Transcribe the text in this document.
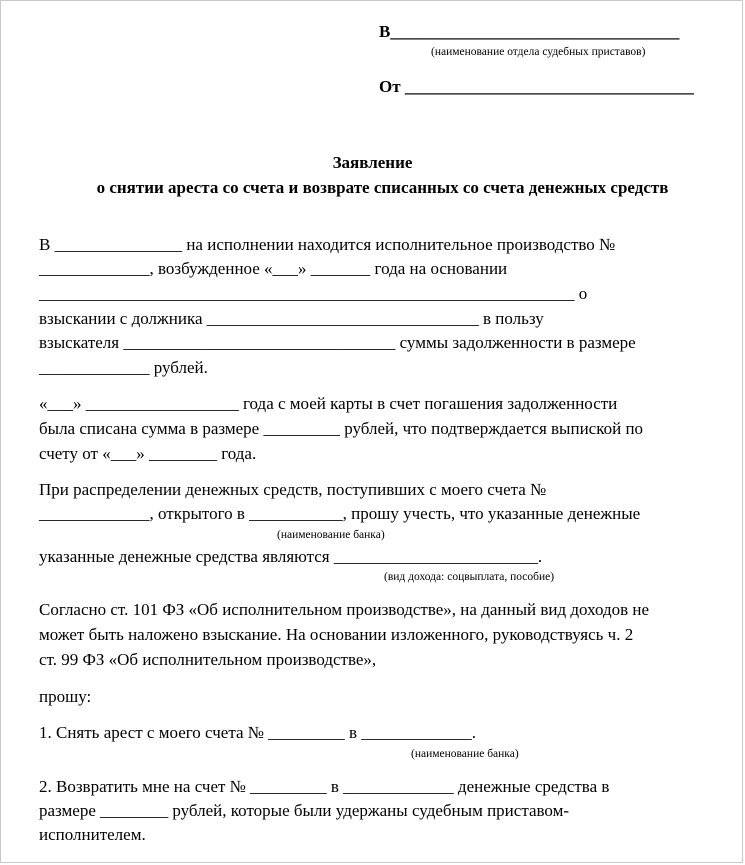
В__________________________________
(наименование отдела судебных приставов)
От __________________________________
Заявление
о снятии ареста со счета и возврате списанных со счета денежных средств
В _______________ на исполнении находится исполнительное производство №
_____________, возбужденное «___» _______ года на основании
_______________________________________________________________ о
взыскании с должника ________________________________ в пользу
взыскателя ________________________________ суммы задолженности в размере
_____________ рублей.
«___» __________________ года с моей карты в счет погашения задолженности
была списана сумма в размере _________ рублей, что подтверждается выпиской по
счету от «___» ________ года.
При распределении денежных средств, поступивших с моего счета №
_____________, открытого в ___________, прошу учесть, что указанные денежные
(наименование банка)
указанные денежные средства являются ________________________.
(вид дохода: соцвыплата, пособие)
Согласно ст. 101 ФЗ «Об исполнительном производстве», на данный вид доходов не
может быть наложено взыскание. На основании изложенного, руководствуясь ч. 2
ст. 99 ФЗ «Об исполнительном производстве»,
прошу:
1. Снять арест с моего счета № _________ в _____________.
(наименование банка)
2. Возвратить мне на счет № _________ в _____________ денежные средства в
размере ________ рублей, которые были удержаны судебным приставом-
исполнителем.
